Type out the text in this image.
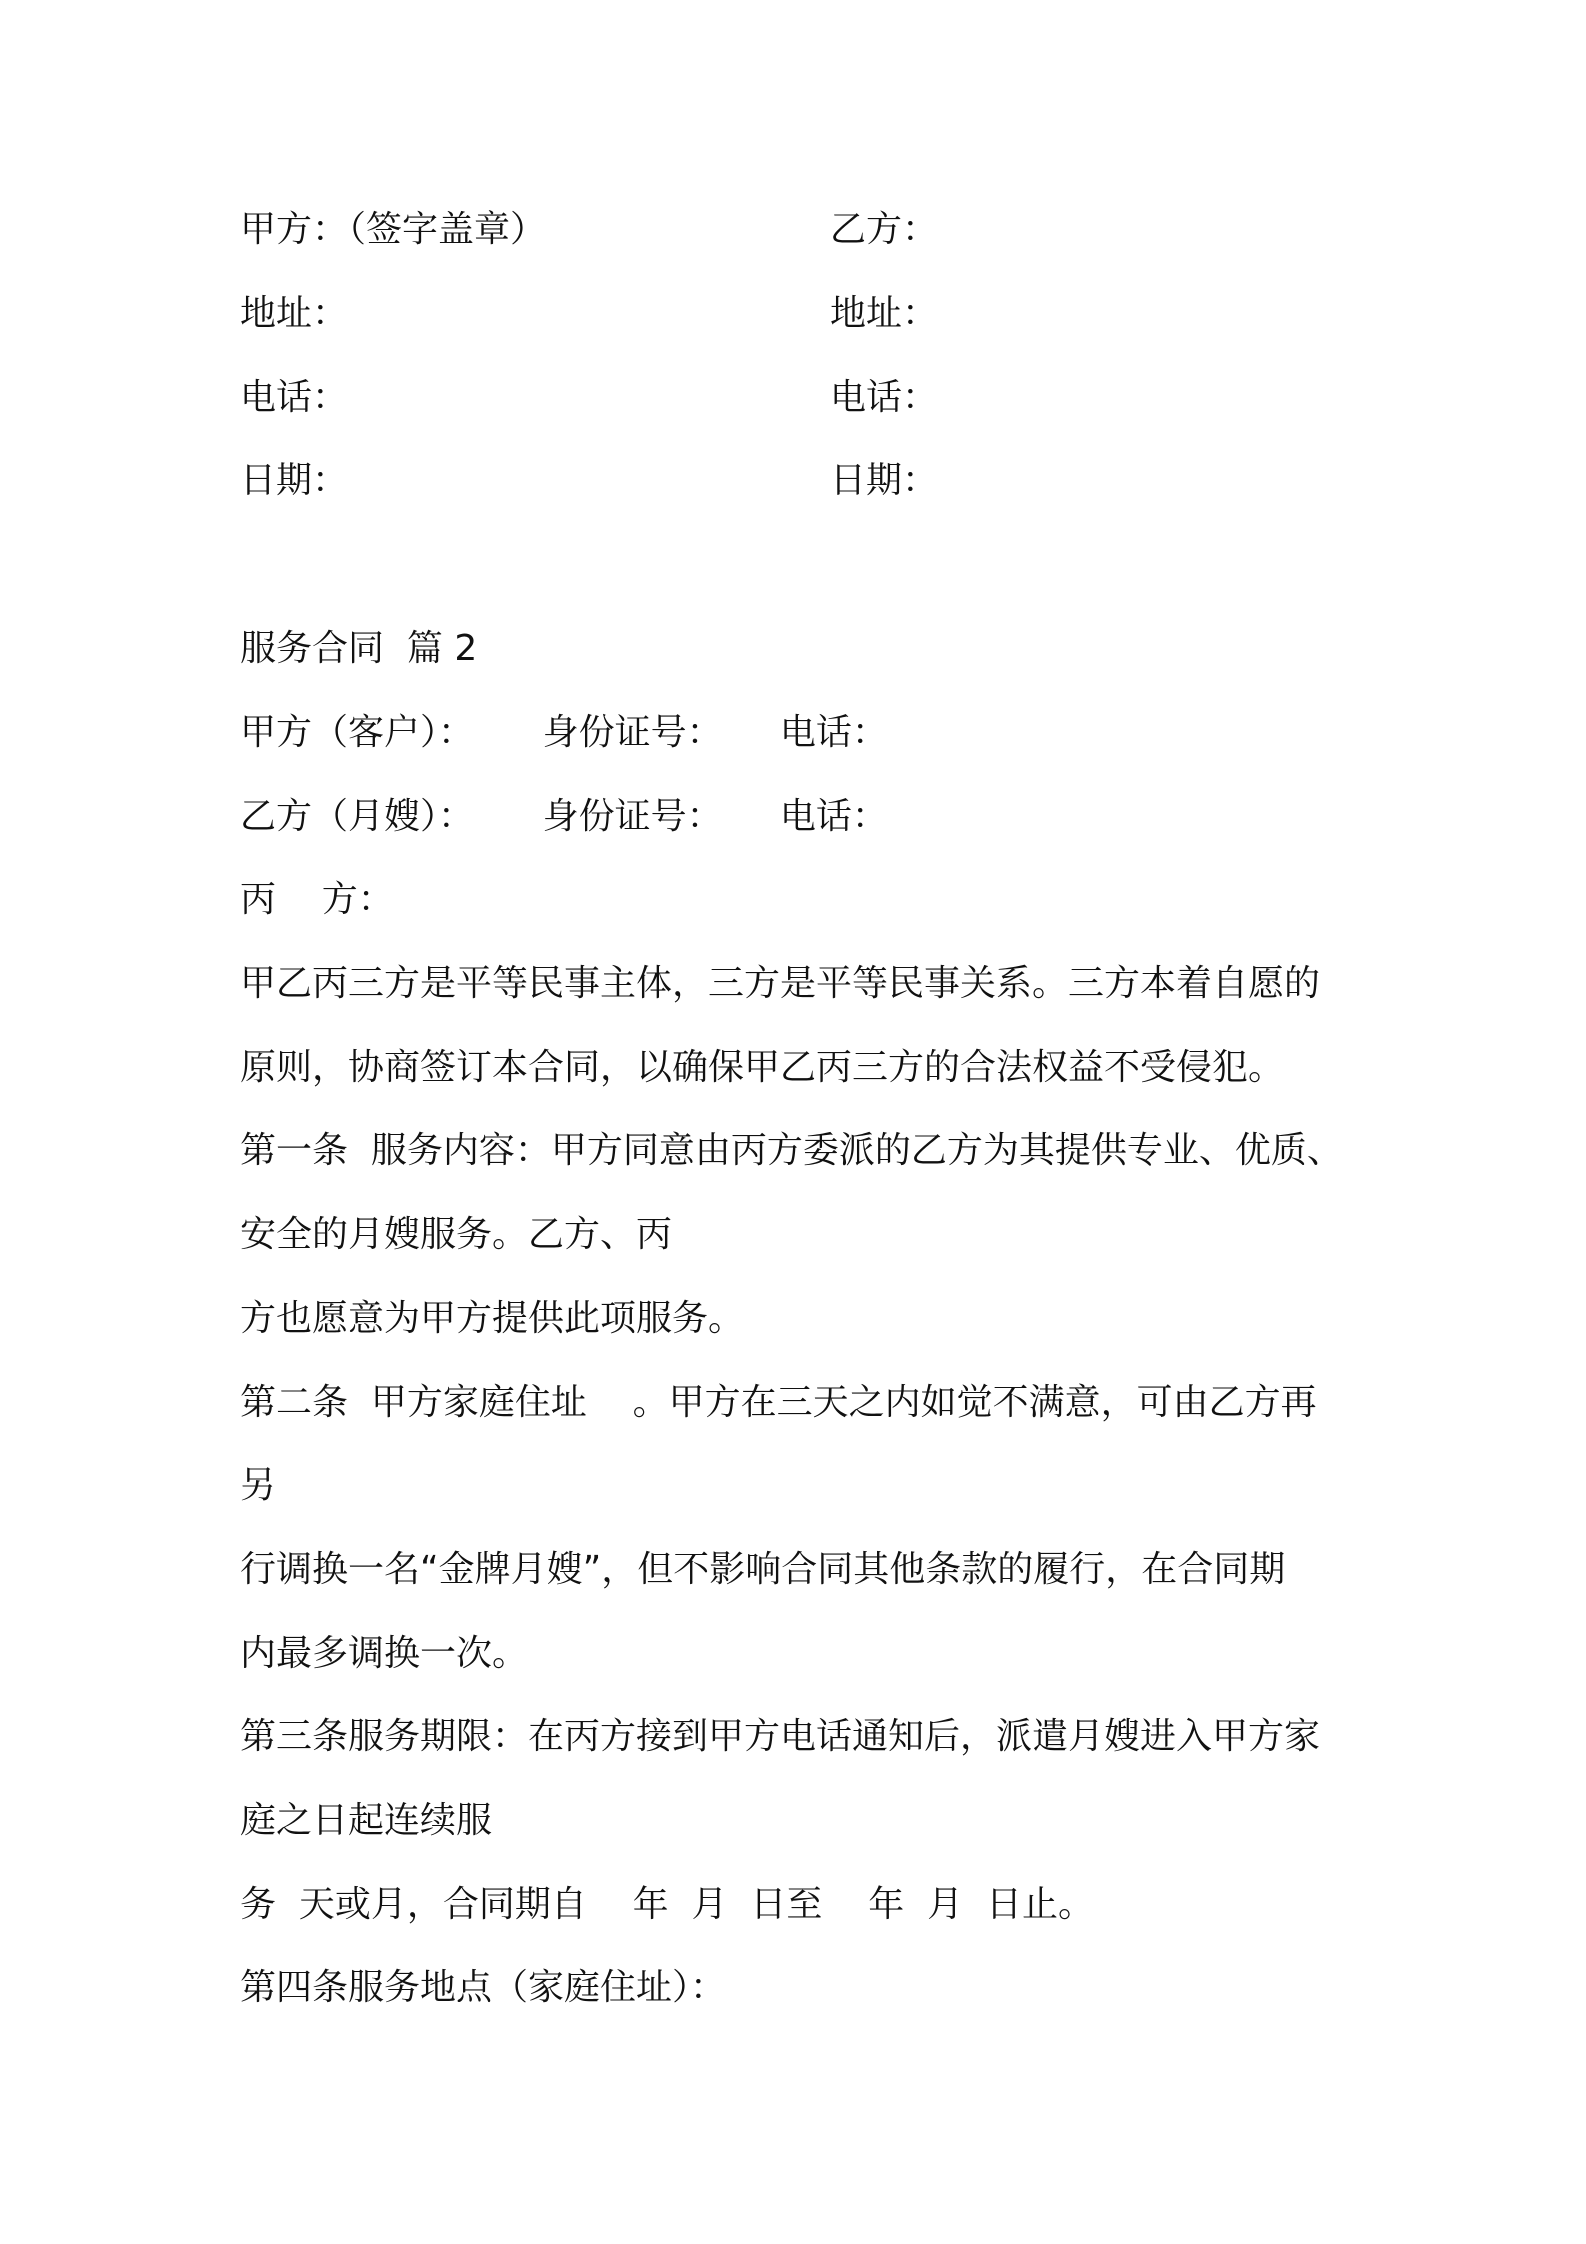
甲方：（签字盖章）
地址：
电话：
日期：
乙方：
地址：
电话：
日期：
服务合同  篇 2
甲方（客户）：      身份证号：     电话：
乙方（月嫂）：      身份证号：     电话：
丙    方：
甲乙丙三方是平等民事主体，三方是平等民事关系。三方本着自愿的
原则，协商签订本合同，以确保甲乙丙三方的合法权益不受侵犯。
第一条  服务内容：甲方同意由丙方委派的乙方为其提供专业、优质、
安全的月嫂服务。乙方、丙
方也愿意为甲方提供此项服务。
第二条  甲方家庭住址    。甲方在三天之内如觉不满意，可由乙方再
另
行调换一名“金牌月嫂”，但不影响合同其他条款的履行，在合同期
内最多调换一次。
第三条服务期限：在丙方接到甲方电话通知后，派遣月嫂进入甲方家
庭之日起连续服
务  天或月，合同期自    年  月  日至    年  月  日止。
第四条服务地点（家庭住址）：
